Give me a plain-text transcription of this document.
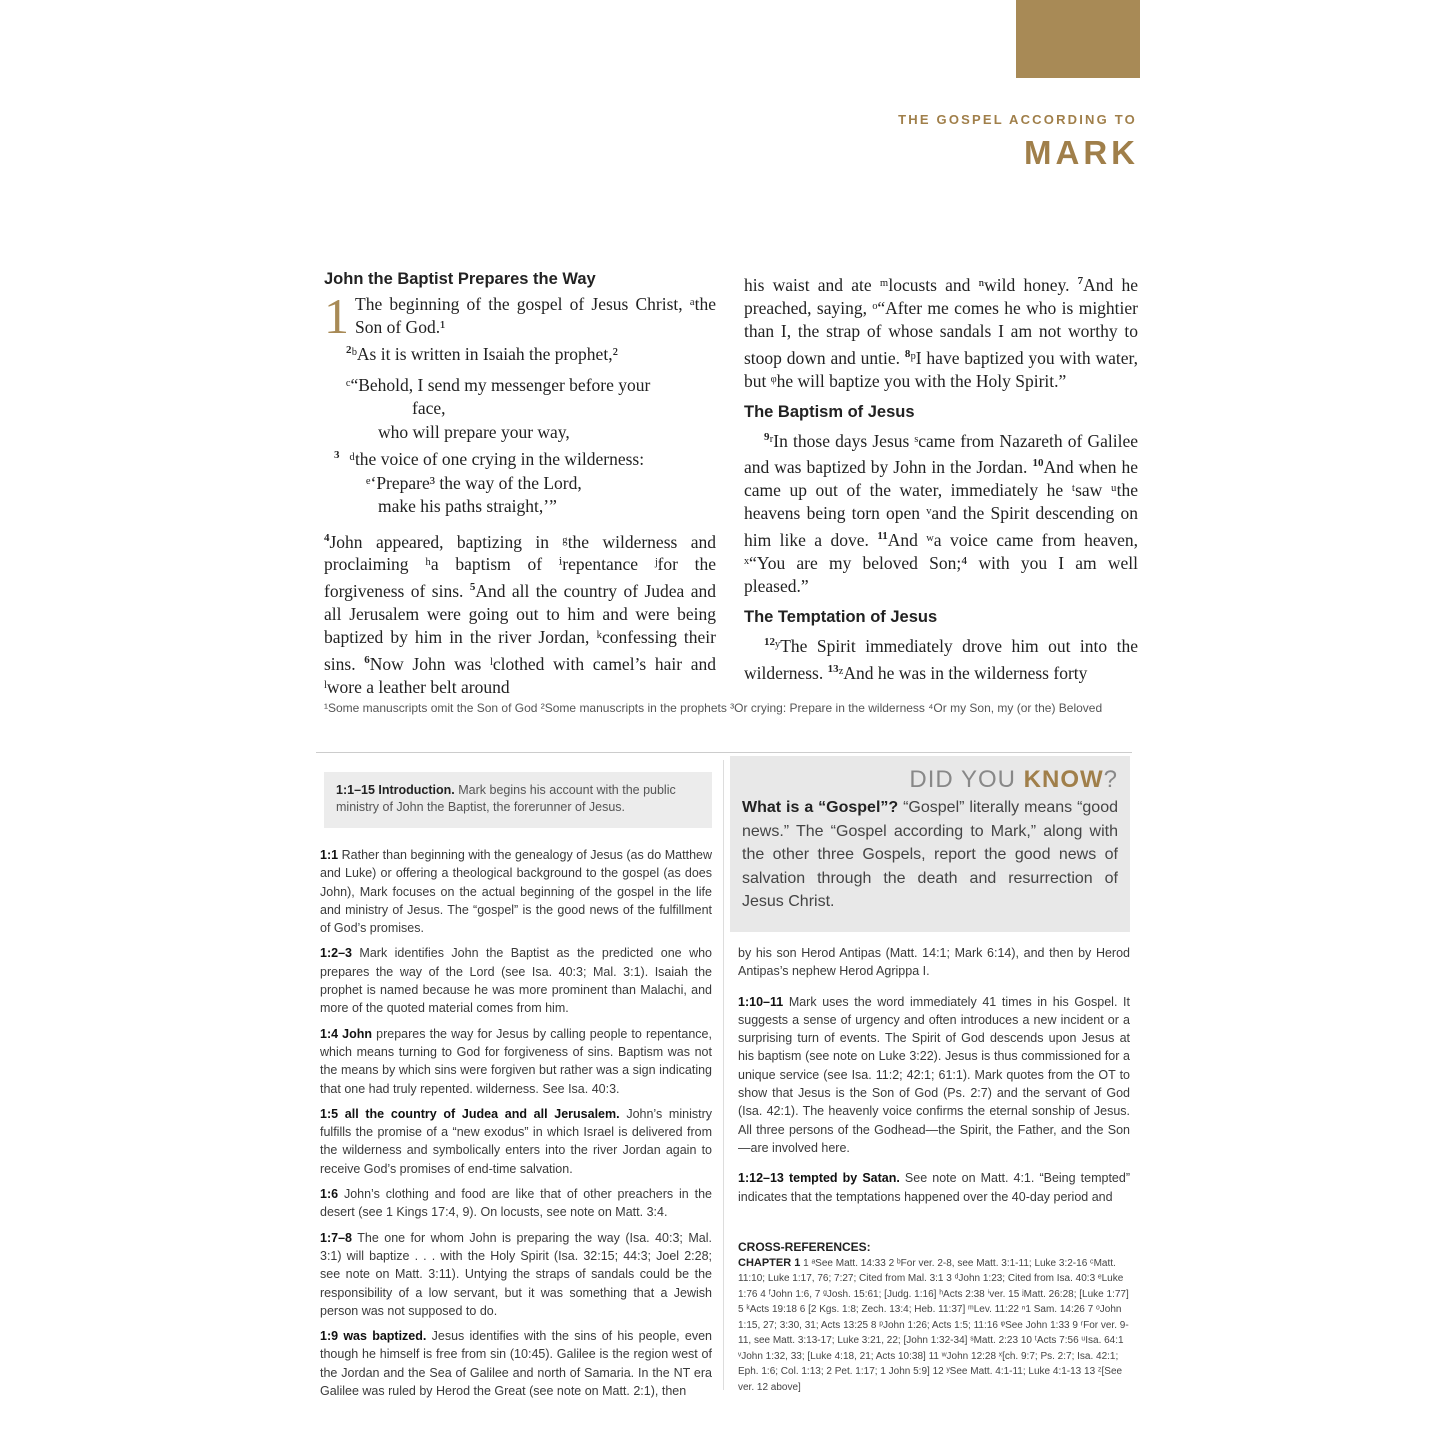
THE GOSPEL ACCORDING TO
MARK
John the Baptist Prepares the Way

1 The beginning of the gospel of Jesus Christ, ᵃthe Son of God.¹

$^2$ᵇAs it is written in Isaiah the prophet,²

ᶜ“Behold, I send my messenger before your
face,
who will prepare your way,
$^3$ ᵈthe voice of one crying in the wilderness:
ᵉ‘Prepare³ the way of the Lord,
make his paths straight,’”

$^4$John appeared, baptizing in ᵍthe wilderness and proclaiming ʰa baptism of ⁱrepentance ʲfor the forgiveness of sins. $^5$And all the country of Judea and all Jerusalem were going out to him and were being baptized by him in the river Jordan, ᵏconfessing their sins. $^6$Now John was ˡclothed with camel’s hair and ˡwore a leather belt around

his waist and ate ᵐlocusts and ⁿwild honey. $^7$And he preached, saying, ᵒ“After me comes he who is mightier than I, the strap of whose sandals I am not worthy to stoop down and untie. $^8$ᵖI have baptized you with water, but ᵠhe will baptize you with the Holy Spirit.”

The Baptism of Jesus

$^9$ʳIn those days Jesus ˢcame from Nazareth of Galilee and was baptized by John in the Jordan. $^{10}$And when he came up out of the water, immediately he ᵗsaw ᵘthe heavens being torn open ᵛand the Spirit descending on him like a dove. $^{11}$And ʷa voice came from heaven, ˣ“You are my beloved Son;⁴ with you I am well pleased.”

The Temptation of Jesus

$^{12}$ʸThe Spirit immediately drove him out into the wilderness. $^{13}$ᶻAnd he was in the wilderness forty

¹Some manuscripts omit the Son of God ²Some manuscripts in the prophets ³Or crying: Prepare in the wilderness ⁴Or my Son, my (or the) Beloved
1:1–15 Introduction. Mark begins his account with the public ministry of John the Baptist, the forerunner of Jesus.

1:1 Rather than beginning with the genealogy of Jesus (as do Matthew and Luke) or offering a theological background to the gospel (as does John), Mark focuses on the actual beginning of the gospel in the life and ministry of Jesus. The “gospel” is the good news of the fulfillment of God’s promises.

1:2–3 Mark identifies John the Baptist as the predicted one who prepares the way of the Lord (see Isa. 40:3; Mal. 3:1). Isaiah the prophet is named because he was more prominent than Malachi, and more of the quoted material comes from him.

1:4 John prepares the way for Jesus by calling people to repentance, which means turning to God for forgiveness of sins. Baptism was not the means by which sins were forgiven but rather was a sign indicating that one had truly repented. wilderness. See Isa. 40:3.

1:5 all the country of Judea and all Jerusalem. John’s ministry fulfills the promise of a “new exodus” in which Israel is delivered from the wilderness and symbolically enters into the river Jordan again to receive God’s promises of end-time salvation.

1:6 John’s clothing and food are like that of other preachers in the desert (see 1 Kings 17:4, 9). On locusts, see note on Matt. 3:4.

1:7–8 The one for whom John is preparing the way (Isa. 40:3; Mal. 3:1) will baptize . . . with the Holy Spirit (Isa. 32:15; 44:3; Joel 2:28; see note on Matt. 3:11). Untying the straps of sandals could be the responsibility of a low servant, but it was something that a Jewish person was not supposed to do.

1:9 was baptized. Jesus identifies with the sins of his people, even though he himself is free from sin (10:45). Galilee is the region west of the Jordan and the Sea of Galilee and north of Samaria. In the NT era Galilee was ruled by Herod the Great (see note on Matt. 2:1), then

DID YOU KNOW?
What is a “Gospel”? “Gospel” literally means “good news.” The “Gospel according to Mark,” along with the other three Gospels, report the good news of salvation through the death and resurrection of Jesus Christ.

by his son Herod Antipas (Matt. 14:1; Mark 6:14), and then by Herod Antipas’s nephew Herod Agrippa I.

1:10–11 Mark uses the word immediately 41 times in his Gospel. It suggests a sense of urgency and often introduces a new incident or a surprising turn of events. The Spirit of God descends upon Jesus at his baptism (see note on Luke 3:22). Jesus is thus commissioned for a unique service (see Isa. 11:2; 42:1; 61:1). Mark quotes from the OT to show that Jesus is the Son of God (Ps. 2:7) and the servant of God (Isa. 42:1). The heavenly voice confirms the eternal sonship of Jesus. All three persons of the Godhead—the Spirit, the Father, and the Son—are involved here.

1:12–13 tempted by Satan. See note on Matt. 4:1. “Being tempted” indicates that the temptations happened over the 40-day period and

CROSS-REFERENCES:
CHAPTER 1 1 ᵃSee Matt. 14:33 2 ᵇFor ver. 2-8, see Matt. 3:1-11; Luke 3:2-16 ᶜMatt. 11:10; Luke 1:17, 76; 7:27; Cited from Mal. 3:1 3 ᵈJohn 1:23; Cited from Isa. 40:3 ᵉLuke 1:76 4 ᶠJohn 1:6, 7 ᵍJosh. 15:61; [Judg. 1:16] ʰActs 2:38 ⁱver. 15 ʲMatt. 26:28; [Luke 1:77] 5 ᵏActs 19:18 6 [2 Kgs. 1:8; Zech. 13:4; Heb. 11:37] ᵐLev. 11:22 ⁿ1 Sam. 14:26 7 ᵒJohn 1:15, 27; 3:30, 31; Acts 13:25 8 ᵖJohn 1:26; Acts 1:5; 11:16 ᵠSee John 1:33 9 ʳFor ver. 9-11, see Matt. 3:13-17; Luke 3:21, 22; [John 1:32-34] ˢMatt. 2:23 10 ᵗActs 7:56 ᵘIsa. 64:1 ᵛJohn 1:32, 33; [Luke 4:18, 21; Acts 10:38] 11 ʷJohn 12:28 ˣ[ch. 9:7; Ps. 2:7; Isa. 42:1; Eph. 1:6; Col. 1:13; 2 Pet. 1:17; 1 John 5:9] 12 ʸSee Matt. 4:1-11; Luke 4:1-13 13 ᶻ[See ver. 12 above]
